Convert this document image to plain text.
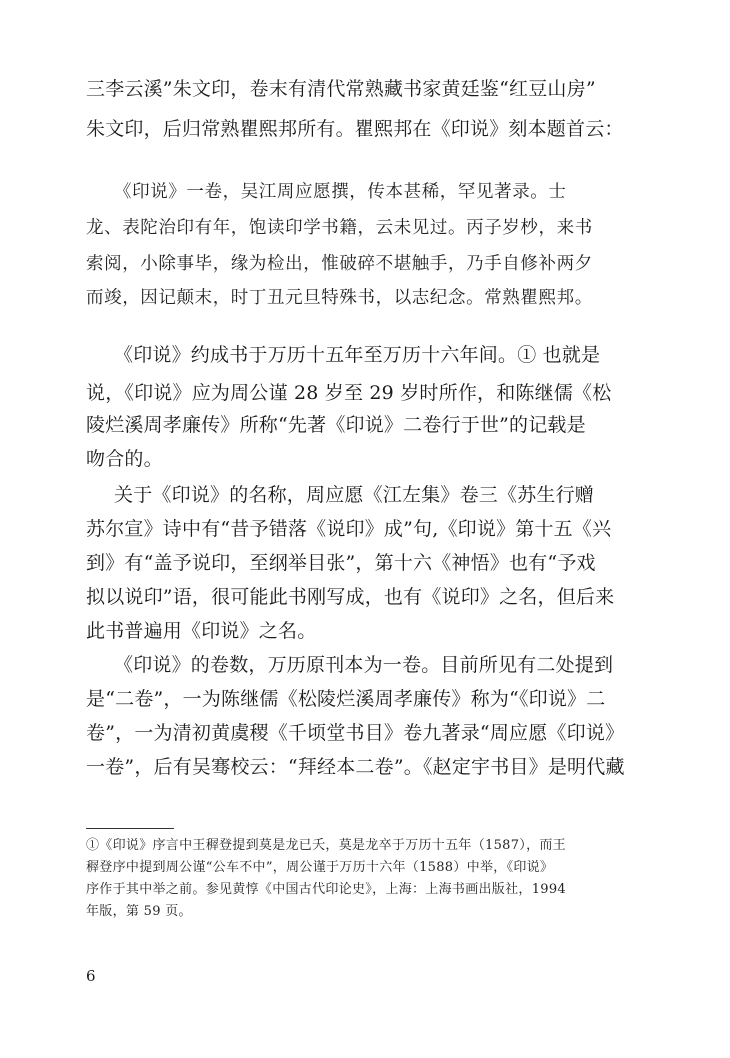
三李云溪”朱文印，卷末有清代常熟藏书家黄廷鉴“红豆山房”
朱文印，后归常熟瞿熙邦所有。瞿熙邦在《印说》刻本题首云：
《印说》一卷，吴江周应愿撰，传本甚稀，罕见著录。士
龙、表陀治印有年，饱读印学书籍，云未见过。丙子岁杪，来书
索阅，小除事毕，缘为检出，惟破碎不堪触手，乃手自修补两夕
而竣，因记颠末，时丁丑元旦特殊书，以志纪念。常熟瞿熙邦。
《印说》约成书于万历十五年至万历十六年间。① 也就是
说，《印说》应为周公谨 28 岁至 29 岁时所作，和陈继儒《松
陵烂溪周孝廉传》所称“先著《印说》二卷行于世”的记载是
吻合的。
关于《印说》的名称，周应愿《江左集》卷三《苏生行赠
苏尔宣》诗中有“昔予错落《说印》成”句,《印说》第十五《兴
到》有“盖予说印，至纲举目张”，第十六《神悟》也有“予戏
拟以说印”语，很可能此书刚写成，也有《说印》之名，但后来
此书普遍用《印说》之名。
《印说》的卷数，万历原刊本为一卷。目前所见有二处提到
是“二卷”，一为陈继儒《松陵烂溪周孝廉传》称为“《印说》二
卷”，一为清初黄虞稷《千顷堂书目》卷九著录“周应愿《印说》
一卷”，后有吴骞校云：“拜经本二卷”。《赵定宇书目》是明代藏
①《印说》序言中王稺登提到莫是龙已夭，莫是龙卒于万历十五年（1587），而王
稺登序中提到周公谨“公车不中”，周公谨于万历十六年（1588）中举，《印说》
序作于其中举之前。参见黄惇《中国古代印论史》，上海：上海书画出版社，1994
年版，第 59 页。
6
